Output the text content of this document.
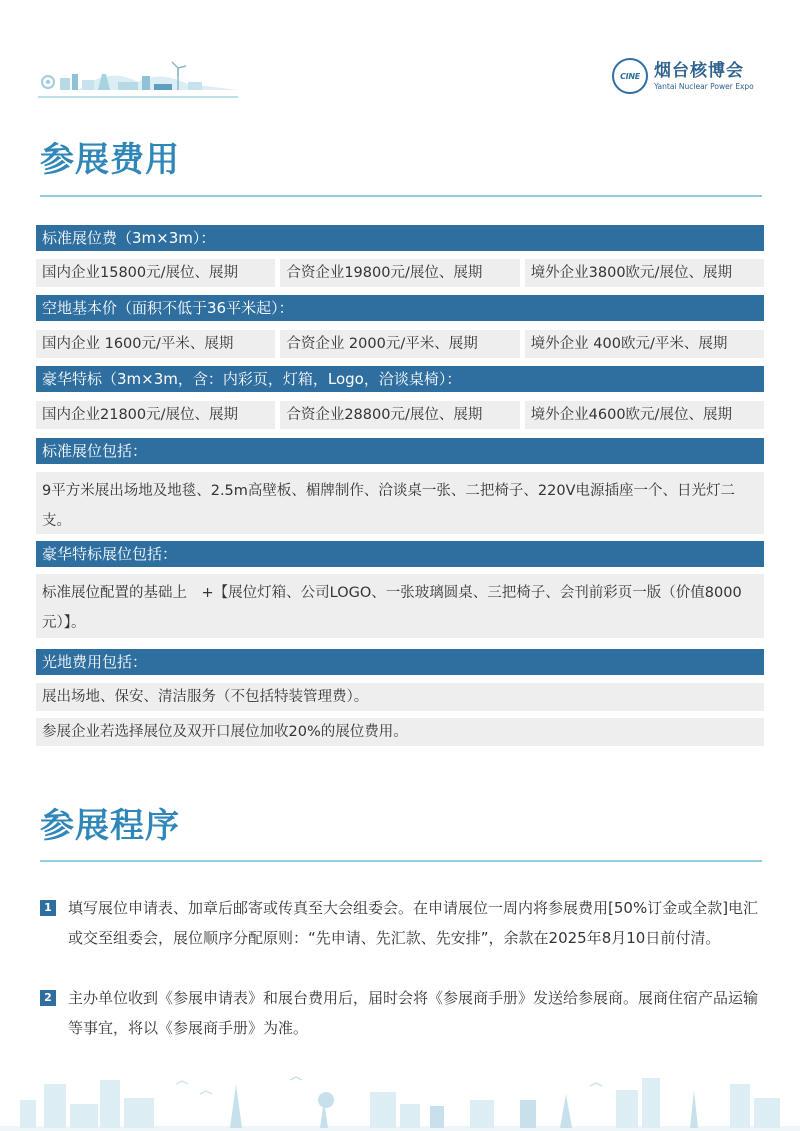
CINE 烟台核博会
Yantai Nuclear Power Expo
参展费用
标准展位费（3m×3m）：
国内企业15800元/展位、展期	合资企业19800元/展位、展期	境外企业3800欧元/展位、展期
空地基本价（面积不低于36平米起）：
国内企业 1600元/平米、展期	合资企业 2000元/平米、展期	境外企业 400欧元/平米、展期
豪华特标（3m×3m，含：内彩页，灯箱，Logo，洽谈桌椅）：
国内企业21800元/展位、展期	合资企业28800元/展位、展期	境外企业4600欧元/展位、展期
标准展位包括：
9平方米展出场地及地毯、2.5m高壁板、楣牌制作、洽谈桌一张、二把椅子、220V电源插座一个、日光灯二支。
豪华特标展位包括：
标准展位配置的基础上　+【展位灯箱、公司LOGO、一张玻璃圆桌、三把椅子、会刊前彩页一版（价值8000元）】。
光地费用包括：
展出场地、保安、清洁服务（不包括特装管理费）。
参展企业若选择展位及双开口展位加收20%的展位费用。
参展程序
1 填写展位申请表、加章后邮寄或传真至大会组委会。在申请展位一周内将参展费用[50%订金或全款]电汇或交至组委会，展位顺序分配原则：“先申请、先汇款、先安排”，余款在2025年8月10日前付清。
2 主办单位收到《参展申请表》和展台费用后，届时会将《参展商手册》发送给参展商。展商住宿产品运输等事宜，将以《参展商手册》为准。
